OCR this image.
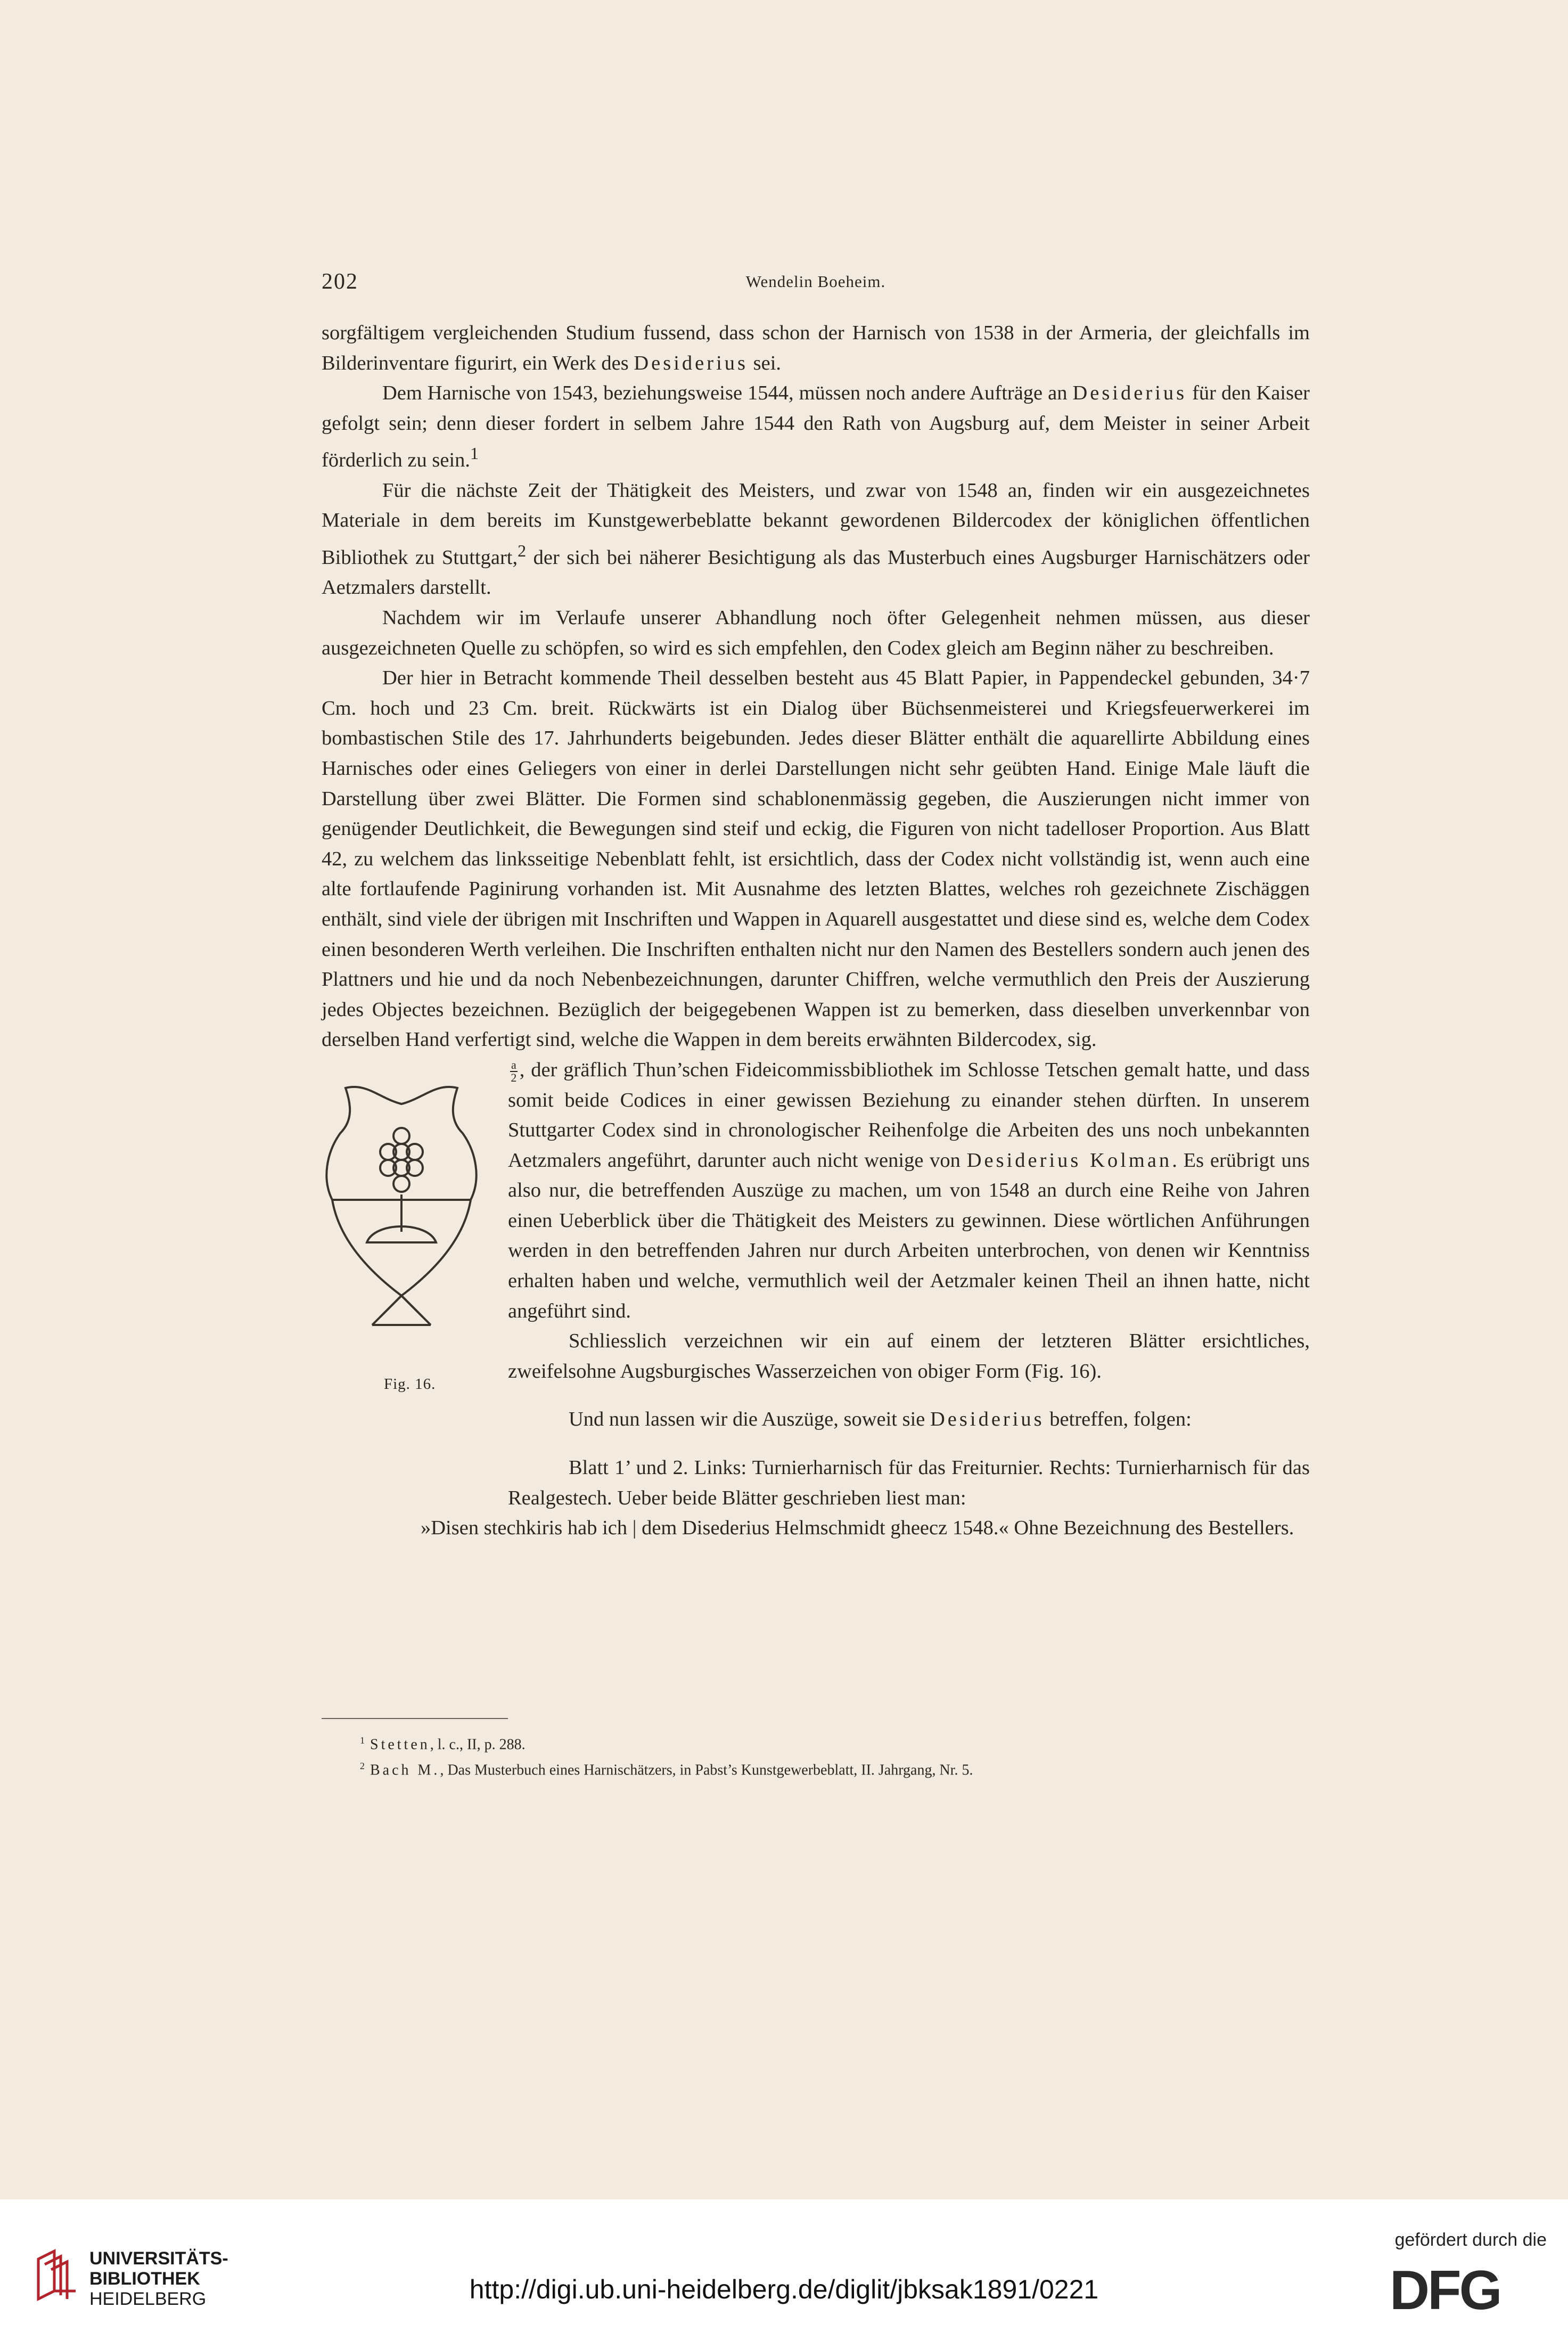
202	Wendelin Boeheim.

sorgfältigem vergleichenden Studium fussend, dass schon der Harnisch von 1538 in der Armeria, der gleichfalls im Bilderinventare figurirt, ein Werk des Desiderius sei.

Dem Harnische von 1543, beziehungsweise 1544, müssen noch andere Aufträge an Desiderius für den Kaiser gefolgt sein; denn dieser fordert in selbem Jahre 1544 den Rath von Augsburg auf, dem Meister in seiner Arbeit förderlich zu sein.$^1$

Für die nächste Zeit der Thätigkeit des Meisters, und zwar von 1548 an, finden wir ein ausgezeichnetes Materiale in dem bereits im Kunstgewerbeblatte bekannt gewordenen Bildercodex der königlichen öffentlichen Bibliothek zu Stuttgart,$^2$ der sich bei näherer Besichtigung als das Musterbuch eines Augsburger Harnischätzers oder Aetzmalers darstellt.

Nachdem wir im Verlaufe unserer Abhandlung noch öfter Gelegenheit nehmen müssen, aus dieser ausgezeichneten Quelle zu schöpfen, so wird es sich empfehlen, den Codex gleich am Beginn näher zu beschreiben.

Der hier in Betracht kommende Theil desselben besteht aus 45 Blatt Papier, in Pappendeckel gebunden, 34·7 Cm. hoch und 23 Cm. breit. Rückwärts ist ein Dialog über Büchsenmeisterei und Kriegsfeuerwerkerei im bombastischen Stile des 17. Jahrhunderts beigebunden. Jedes dieser Blätter enthält die aquarellirte Abbildung eines Harnisches oder eines Geliegers von einer in derlei Darstellungen nicht sehr geübten Hand. Einige Male läuft die Darstellung über zwei Blätter. Die Formen sind schablonenmässig gegeben, die Auszierungen nicht immer von genügender Deutlichkeit, die Bewegungen sind steif und eckig, die Figuren von nicht tadelloser Proportion. Aus Blatt 42, zu welchem das linksseitige Nebenblatt fehlt, ist ersichtlich, dass der Codex nicht vollständig ist, wenn auch eine alte fortlaufende Paginirung vorhanden ist. Mit Ausnahme des letzten Blattes, welches roh gezeichnete Zischäggen enthält, sind viele der übrigen mit Inschriften und Wappen in Aquarell ausgestattet und diese sind es, welche dem Codex einen besonderen Werth verleihen. Die Inschriften enthalten nicht nur den Namen des Bestellers sondern auch jenen des Plattners und hie und da noch Nebenbezeichnungen, darunter Chiffren, welche vermuthlich den Preis der Auszierung jedes Objectes bezeichnen. Bezüglich der beigegebenen Wappen ist zu bemerken, dass dieselben unverkennbar von derselben Hand verfertigt sind, welche die Wappen in dem bereits erwähnten Bildercodex, sig.

Fig. 16.

$\frac{a}{2}$ , der gräflich Thun’schen Fideicommissbibliothek im Schlosse Tetschen gemalt hatte, und dass somit beide Codices in einer gewissen Beziehung zu einander stehen dürften. In unserem Stuttgarter Codex sind in chronologischer Reihenfolge die Arbeiten des uns noch unbekannten Aetzmalers angeführt, darunter auch nicht wenige von Desiderius Kolman. Es erübrigt uns also nur, die betreffenden Auszüge zu machen, um von 1548 an durch eine Reihe von Jahren einen Ueberblick über die Thätigkeit des Meisters zu gewinnen. Diese wörtlichen Anführungen werden in den betreffenden Jahren nur durch Arbeiten unterbrochen, von denen wir Kenntniss erhalten haben und welche, vermuthlich weil der Aetzmaler keinen Theil an ihnen hatte, nicht angeführt sind.

Schliesslich verzeichnen wir ein auf einem der letzteren Blätter ersichtliches, zweifelsohne Augsburgisches Wasserzeichen von obiger Form (Fig. 16).

Und nun lassen wir die Auszüge, soweit sie Desiderius betreffen, folgen:

Blatt 1’ und 2. Links: Turnierharnisch für das Freiturnier. Rechts: Turnierharnisch für das Realgestech. Ueber beide Blätter geschrieben liest man:

»Disen stechkiris hab ich | dem Disederius Helmschmidt gheecz 1548.« Ohne Bezeichnung des Bestellers.

$^1$ Stetten, l. c., II, p. 288.
$^2$ Bach M., Das Musterbuch eines Harnischätzers, in Pabst’s Kunstgewerbeblatt, II. Jahrgang, Nr. 5.
UNIVERSITÄTS-
BIBLIOTHEK
HEIDELBERG	http://digi.ub.uni-heidelberg.de/diglit/jbksak1891/0221
gefördert durch die
DFG
